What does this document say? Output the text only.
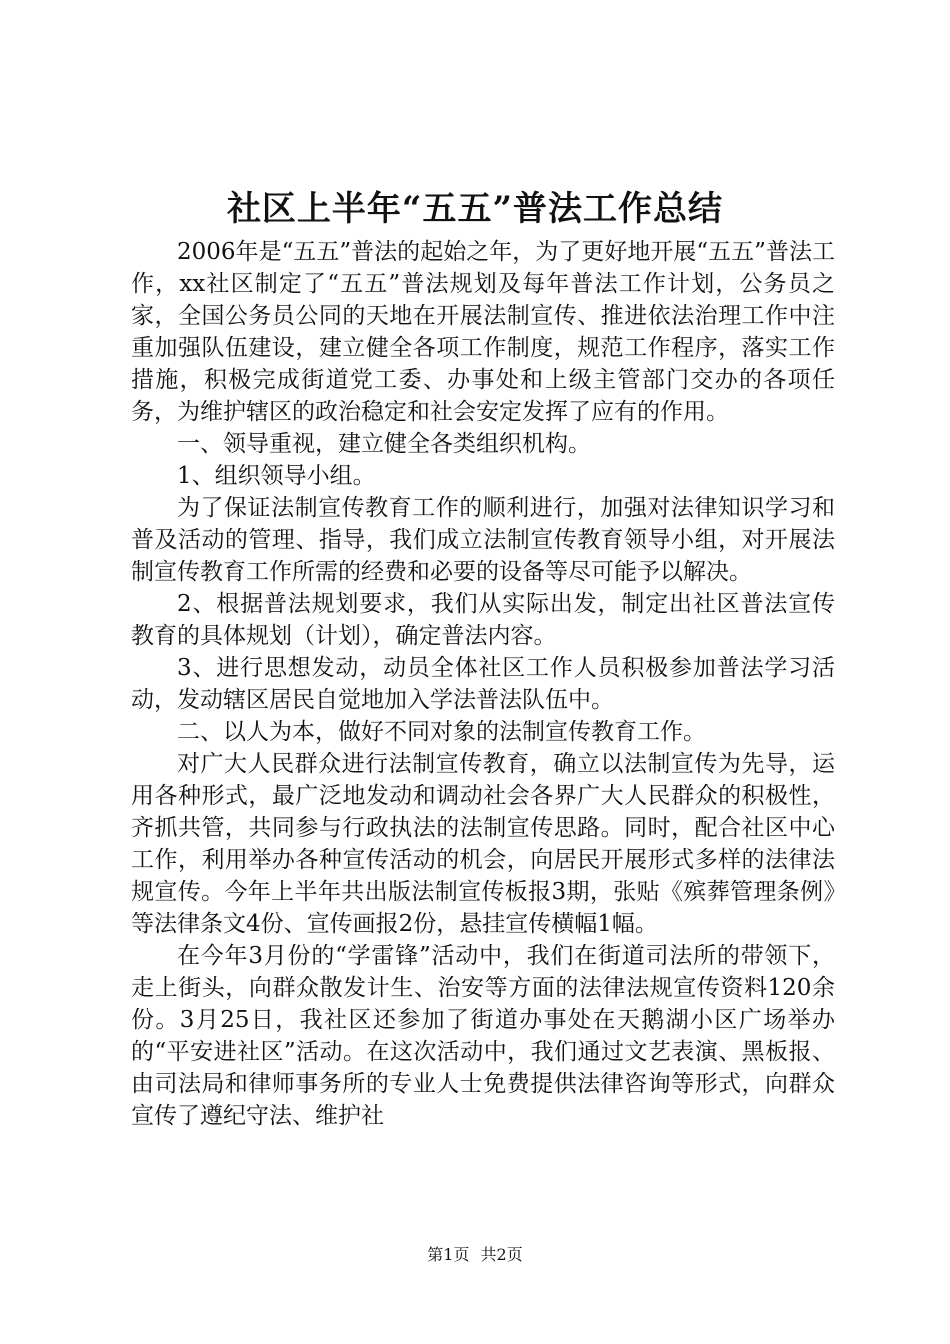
社区上半年“五五”普法工作总结

2006年是“五五”普法的起始之年，为了更好地开展“五五”普法工作，xx社区制定了“五五”普法规划及每年普法工作计划，公务员之家，全国公务员公同的天地在开展法制宣传、推进依法治理工作中注重加强队伍建设，建立健全各项工作制度，规范工作程序，落实工作措施，积极完成街道党工委、办事处和上级主管部门交办的各项任务，为维护辖区的政治稳定和社会安定发挥了应有的作用。

一、领导重视，建立健全各类组织机构。

1、组织领导小组。

为了保证法制宣传教育工作的顺利进行，加强对法律知识学习和普及活动的管理、指导，我们成立法制宣传教育领导小组，对开展法制宣传教育工作所需的经费和必要的设备等尽可能予以解决。

2、根据普法规划要求，我们从实际出发，制定出社区普法宣传教育的具体规划（计划），确定普法内容。

3、进行思想发动，动员全体社区工作人员积极参加普法学习活动，发动辖区居民自觉地加入学法普法队伍中。

二、以人为本，做好不同对象的法制宣传教育工作。

对广大人民群众进行法制宣传教育，确立以法制宣传为先导，运用各种形式，最广泛地发动和调动社会各界广大人民群众的积极性，齐抓共管，共同参与行政执法的法制宣传思路。同时，配合社区中心工作，利用举办各种宣传活动的机会，向居民开展形式多样的法律法规宣传。今年上半年共出版法制宣传板报3期，张贴《殡葬管理条例》等法律条文4份、宣传画报2份，悬挂宣传横幅1幅。

在今年3月份的“学雷锋”活动中，我们在街道司法所的带领下，走上街头，向群众散发计生、治安等方面的法律法规宣传资料120余份。3月25日，我社区还参加了街道办事处在天鹅湖小区广场举办的“平安进社区”活动。在这次活动中，我们通过文艺表演、黑板报、由司法局和律师事务所的专业人士免费提供法律咨询等形式，向群众宣传了遵纪守法、维护社

第1页 共2页
